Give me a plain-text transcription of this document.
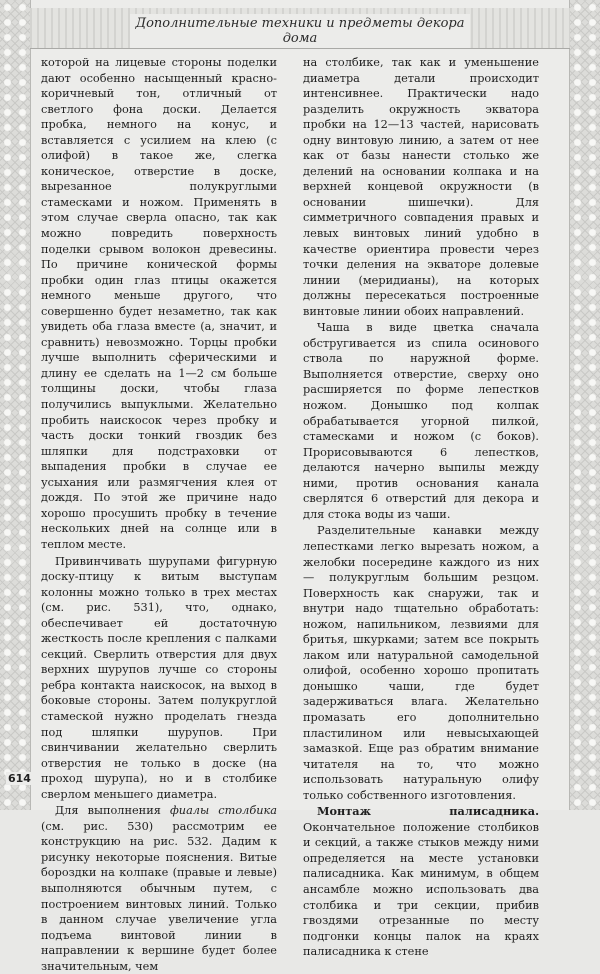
Дополнительные техники и предметы декора дома

которой на лицевые стороны поделки дают особенно насыщенный красно-коричневый тон, отличный от светлого фона доски. Делается пробка, немного на конус, и вставляется с усилием на клею (с олифой) в такое же, слегка коническое, отверстие в доске, вырезанное полукруглыми стамесками и ножом. Применять в этом случае сверла опасно, так как можно повредить поверхность поделки срывом волокон древесины. По причине конической формы пробки один глаз птицы окажется немного меньше другого, что совершенно будет незаметно, так как увидеть оба глаза вместе (а, значит, и сравнить) невозможно. Торцы пробки лучше выполнить сферическими и длину ее сделать на 1—2 см больше толщины доски, чтобы глаза получились выпуклыми. Желательно пробить наискосок через пробку и часть доски тонкий гвоздик без шляпки для подстраховки от выпадения пробки в случае ее усыхания или размягчения клея от дождя. По этой же причине надо хорошо просушить пробку в течение нескольких дней на солнце или в теплом месте.

Привинчивать шурупами фигурную доску-птицу к витым выступам колонны можно только в трех местах (см. рис. 531), что, однако, обеспечивает ей достаточную жесткость после крепления с палками секций. Сверлить отверстия для двух верхних шурупов лучше со стороны ребра контакта наискосок, на выход в боковые стороны. Затем полукруглой стамеской нужно проделать гнезда под шляпки шурупов. При свинчивании желательно сверлить отверстия не только в доске (на проход шурупа), но и в столбике сверлом меньшего диаметра.

Для выполнения фиалы столбика (см. рис. 530) рассмотрим ее конструкцию на рис. 532. Дадим к рисунку некоторые пояснения. Витые бороздки на колпаке (правые и левые) выполняются обычным путем, с построением винтовых линий. Только в данном случае увеличение угла подъема винтовой линии в направлении к вершине будет более значительным, чем

на столбике, так как и уменьшение диаметра детали происходит интенсивнее. Практически надо разделить окружность экватора пробки на 12—13 частей, нарисовать одну винтовую линию, а затем от нее как от базы нанести столько же делений на основании колпака и на верхней концевой окружности (в основании шишечки). Для симметричного совпадения правых и левых винтовых линий удобно в качестве ориентира провести через точки деления на экваторе долевые линии (меридианы), на которых должны пересекаться построенные винтовые линии обоих направлений.

Чаша в виде цветка сначала обстругивается из спила осинового ствола по наружной форме. Выполняется отверстие, сверху оно расширяется по форме лепестков ножом. Донышко под колпак обрабатывается угорной пилкой, стамесками и ножом (с боков). Прорисовываются 6 лепестков, делаются начерно выпилы между ними, против основания канала сверлятся 6 отверстий для декора и для стока воды из чаши.

Разделительные канавки между лепестками легко вырезать ножом, а желобки посередине каждого из них — полукруглым большим резцом. Поверхность как снаружи, так и внутри надо тщательно обработать: ножом, напильником, лезвиями для бритья, шкурками; затем все покрыть лаком или натуральной самодельной олифой, особенно хорошо пропитать донышко чаши, где будет задерживаться влага. Желательно промазать его дополнительно пластилином или невысыхающей замазкой. Еще раз обратим внимание читателя на то, что можно использовать натуральную олифу только собственного изготовления.

Монтаж палисадника. Окончательное положение столбиков и секций, а также стыков между ними определяется на месте установки палисадника. Как минимум, в общем ансамбле можно использовать два столбика и три секции, прибив гвоздями отрезанные по месту подгонки концы палок на краях палисадника к стене

614
